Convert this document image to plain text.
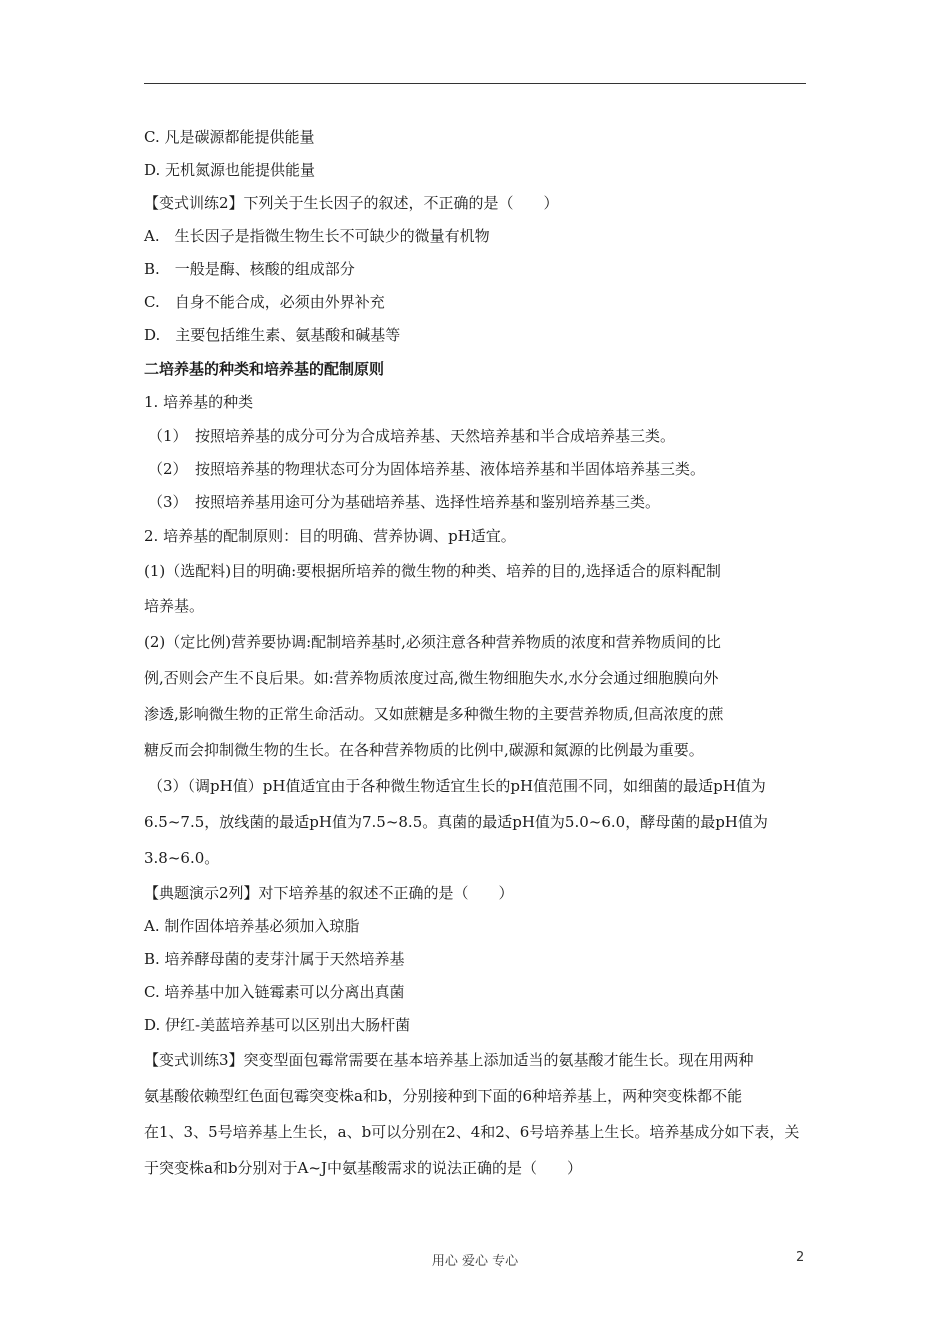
C. 凡是碳源都能提供能量
D. 无机氮源也能提供能量
【变式训练2】下列关于生长因子的叙述，不正确的是（　　）
A.　生长因子是指微生物生长不可缺少的微量有机物
B.　一般是酶、核酸的组成部分
C.　自身不能合成，必须由外界补充
D.　主要包括维生素、氨基酸和碱基等
二培养基的种类和培养基的配制原则
1. 培养基的种类
（1）　按照培养基的成分可分为合成培养基、天然培养基和半合成培养基三类。
（2）　按照培养基的物理状态可分为固体培养基、液体培养基和半固体培养基三类。
（3）　按照培养基用途可分为基础培养基、选择性培养基和鉴别培养基三类。
2. 培养基的配制原则：目的明确、营养协调、pH适宜。
(1)（选配料)目的明确:要根据所培养的微生物的种类、培养的目的,选择适合的原料配制
培养基。
(2)（定比例)营养要协调:配制培养基时,必须注意各种营养物质的浓度和营养物质间的比
例,否则会产生不良后果。如:营养物质浓度过高,微生物细胞失水,水分会通过细胞膜向外
渗透,影响微生物的正常生命活动。又如蔗糖是多种微生物的主要营养物质,但高浓度的蔗
糖反而会抑制微生物的生长。在各种营养物质的比例中,碳源和氮源的比例最为重要。
（3）（调pH值）pH值适宜由于各种微生物适宜生长的pH值范围不同，如细菌的最适pH值为
6.5~7.5，放线菌的最适pH值为7.5~8.5。真菌的最适pH值为5.0~6.0，酵母菌的最pH值为
3.8~6.0。
【典题演示2列】对下培养基的叙述不正确的是（　　）
A. 制作固体培养基必须加入琼脂
B. 培养酵母菌的麦芽汁属于天然培养基
C. 培养基中加入链霉素可以分离出真菌
D. 伊红-美蓝培养基可以区别出大肠杆菌
【变式训练3】突变型面包霉常需要在基本培养基上添加适当的氨基酸才能生长。现在用两种
氨基酸依赖型红色面包霉突变株a和b，分别接种到下面的6种培养基上，两种突变株都不能
在1、3、5号培养基上生长，a、b可以分别在2、4和2、6号培养基上生长。培养基成分如下表，关
于突变株a和b分别对于A~J中氨基酸需求的说法正确的是（　　）
用心 爱心 专心	2
